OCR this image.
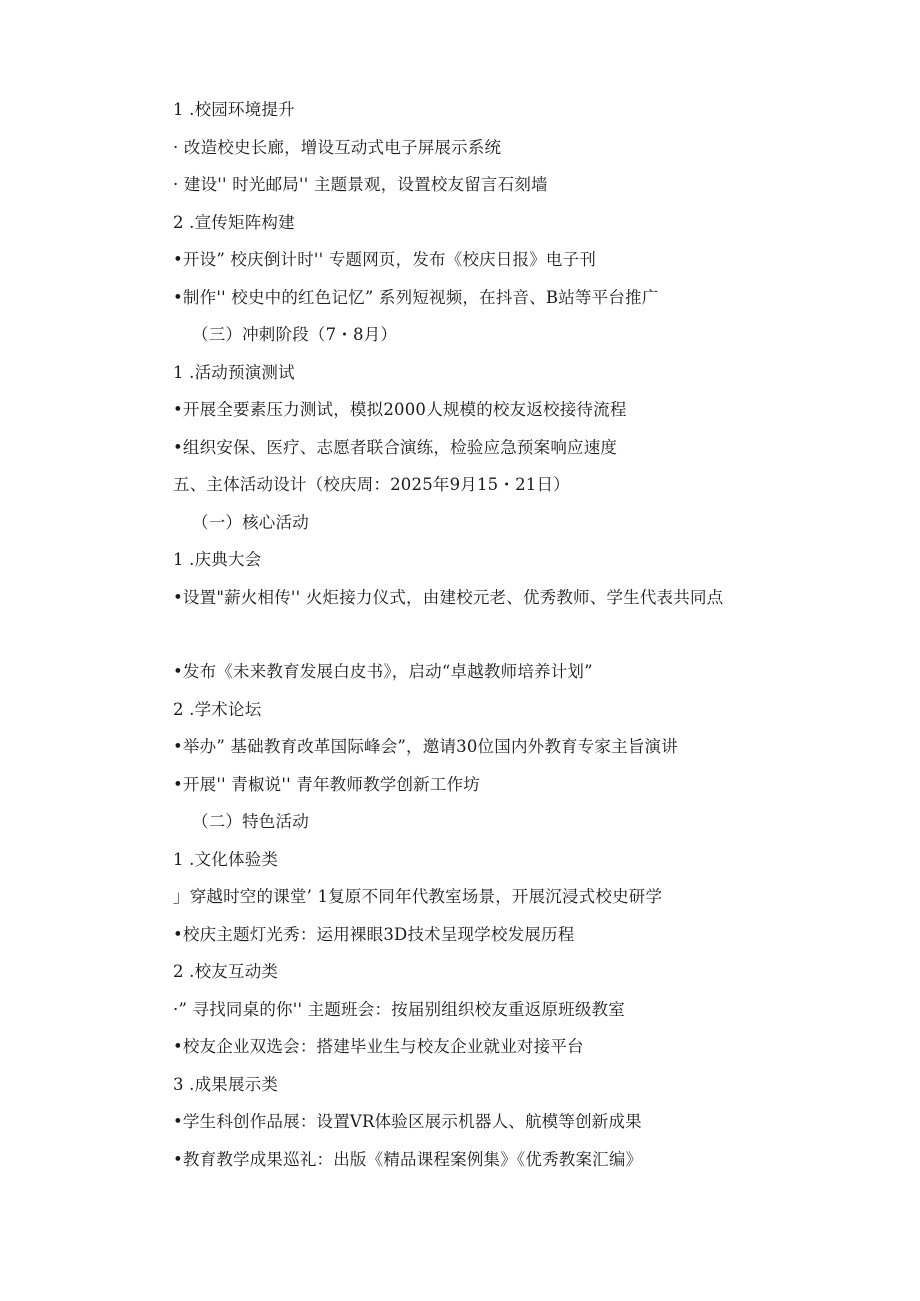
1 .校园环境提升
· 改造校史长廊，增设互动式电子屏展示系统
· 建设'' 时光邮局'' 主题景观，设置校友留言石刻墙
2 .宣传矩阵构建
•开设” 校庆倒计时'' 专题网页，发布《校庆日报》电子刊
•制作'' 校史中的红色记忆” 系列短视频，在抖音、B站等平台推广
（三）冲刺阶段（7・8月）
1 .活动预演测试
•开展全要素压力测试，模拟2000人规模的校友返校接待流程
•组织安保、医疗、志愿者联合演练，检验应急预案响应速度
五、主体活动设计（校庆周：2025年9月15・21日）
（一）核心活动
1 .庆典大会
•设置"薪火相传'' 火炬接力仪式，由建校元老、优秀教师、学生代表共同点
•发布《未来教育发展白皮书》，启动“卓越教师培养计划”
2 .学术论坛
•举办” 基础教育改革国际峰会”，邀请30位国内外教育专家主旨演讲
•开展'' 青椒说'' 青年教师教学创新工作坊
（二）特色活动
1 .文化体验类
」穿越时空的课堂’ 1复原不同年代教室场景，开展沉浸式校史研学
•校庆主题灯光秀：运用裸眼3D技术呈现学校发展历程
2 .校友互动类
·” 寻找同桌的你'' 主题班会：按届别组织校友重返原班级教室
•校友企业双选会：搭建毕业生与校友企业就业对接平台
3 .成果展示类
•学生科创作品展：设置VR体验区展示机器人、航模等创新成果
•教育教学成果巡礼：出版《精品课程案例集》《优秀教案汇编》
